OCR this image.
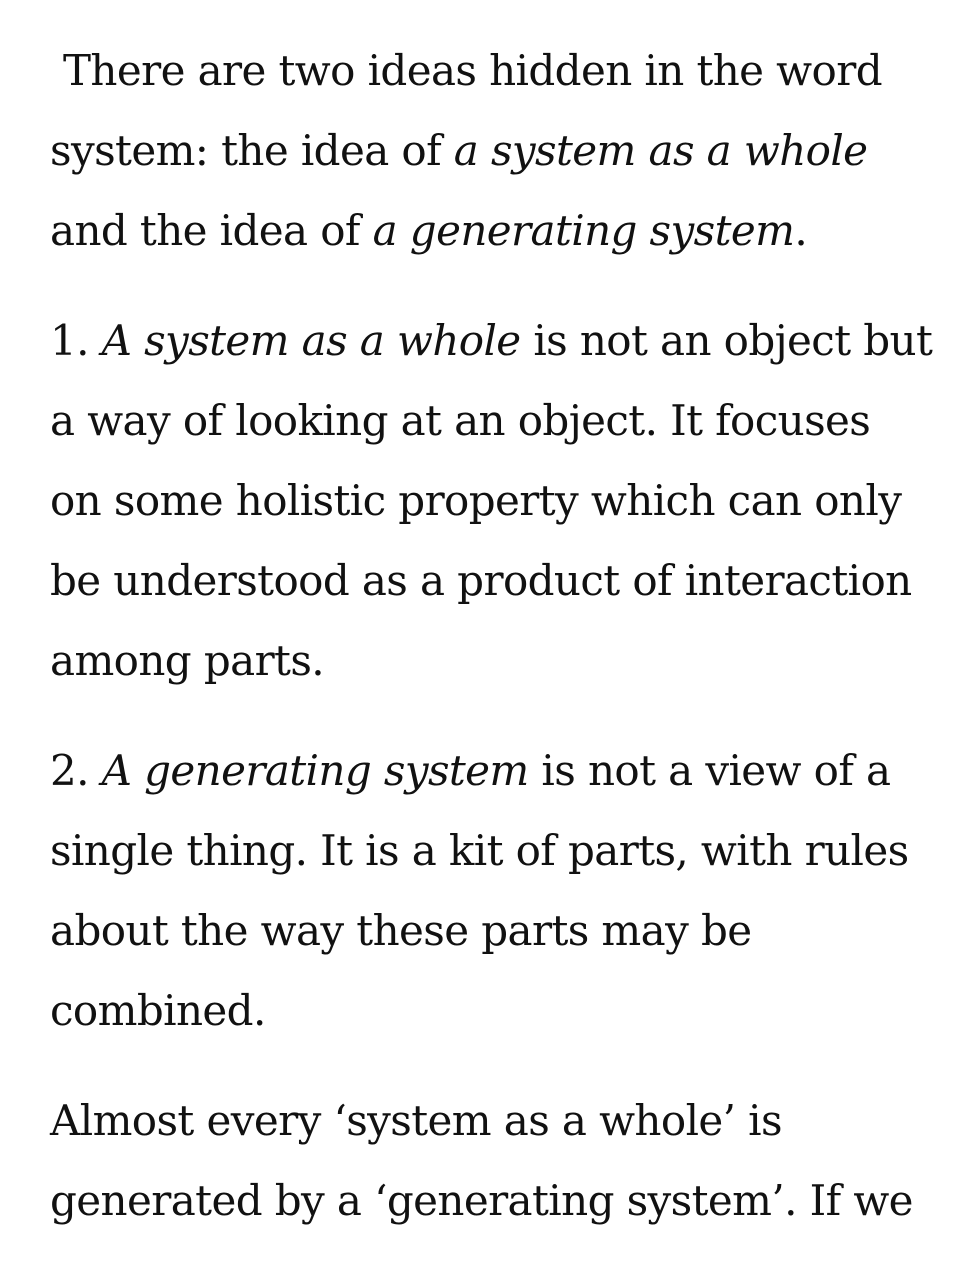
There are two ideas hidden in the word
system: the idea of a system as a whole
and the idea of a generating system.

1. A system as a whole is not an object but
a way of looking at an object. It focuses
on some holistic property which can only
be understood as a product of interaction
among parts.

2. A generating system is not a view of a
single thing. It is a kit of parts, with rules
about the way these parts may be
combined.

Almost every ‘system as a whole’ is
generated by a ‘generating system’. If we
